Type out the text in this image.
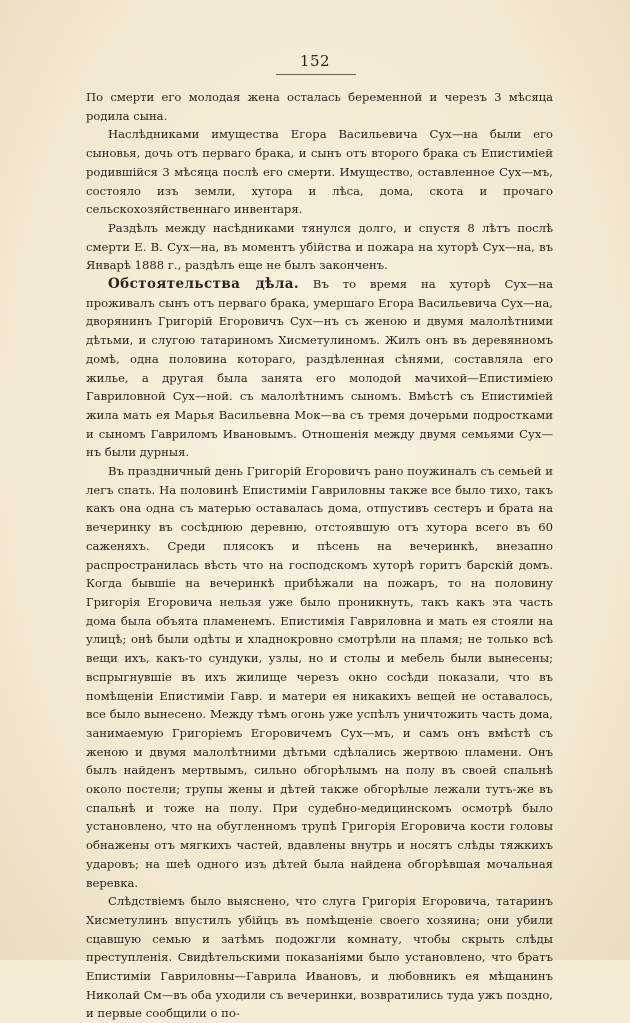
152

По смерти его молодая жена осталась беременной и черезъ 3 мѣсяца родила сына.

Наслѣдниками имущества Егора Васильевича Сух—на были его сыновья, дочь отъ перваго брака, и сынъ отъ второго брака съ Епистиміей родившійся 3 мѣсяца послѣ его смерти. Имущество, оставленное Сух—мъ, состояло изъ земли, хутора и лѣса, дома, скота и прочаго сельскохозяйственнаго инвентаря.

Раздѣлъ между насѣдниками тянулся долго, и спустя 8 лѣтъ послѣ смерти Е. В. Сух—на, въ моментъ убійства и пожара на хуторѣ Сух—на, въ Январѣ 1888 г., раздѣлъ еще не былъ законченъ.

Обстоятельства дѣла. Въ то время на хуторѣ Сух—на проживалъ сынъ отъ перваго брака, умершаго Егора Васильевича Сух—на, дворянинъ Григорій Егоровичъ Сух—нъ съ женою и двумя малолѣтними дѣтьми, и слугою татариномъ Хисметулиномъ. Жилъ онъ въ деревянномъ домѣ, одна половина котораго, раздѣленная сѣнями, составляла его жилье, а другая была занята его молодой мачихой—Епистиміею Гавриловной Сух—ной. съ малолѣтнимъ сыномъ. Вмѣстѣ съ Епистиміей жила мать ея Марья Васильевна Мок—ва съ тремя дочерьми подростками и сыномъ Гавриломъ Ивановымъ. Отношенія между двумя семьями Сух—нъ были дурныя.

Въ праздничный день Григорій Егоровичъ рано поужиналъ съ семьей и легъ спать. На половинѣ Епистиміи Гавриловны также все было тихо, такъ какъ она одна съ матерью оставалась дома, отпустивъ сестеръ и брата на вечеринку въ сосѣднюю деревню, отстоявшую отъ хутора всего въ 60 саженяхъ. Среди плясокъ и пѣсень на вечеринкѣ, внезапно распространилась вѣсть что на господскомъ хуторѣ горитъ барскій домъ. Когда бывшіе на вечеринкѣ прибѣжали на пожаръ, то на половину Григорія Егоровича нельзя уже было проникнуть, такъ какъ эта часть дома была объята пламенемъ. Епистимія Гавриловна и мать ея стояли на улицѣ; онѣ были одѣты и хладнокровно смотрѣли на пламя; не только всѣ вещи ихъ, какъ-то сундуки, узлы, но и столы и мебель были вынесены; вспрыгнувшіе въ ихъ жилище черезъ окно сосѣди показали, что въ помѣщеніи Епистиміи Гавр. и матери ея никакихъ вещей не оставалось, все было вынесено. Между тѣмъ огонь уже успѣлъ уничтожить часть дома, занимаемую Григоріемъ Егоровичемъ Сух—мъ, и самъ онъ вмѣстѣ съ женою и двумя малолѣтними дѣтьми сдѣлались жертвою пламени. Онъ былъ найденъ мертвымъ, сильно обгорѣлымъ на полу въ своей спальнѣ около постели; трупы жены и дѣтей также обгорѣлые лежали тутъ-же въ спальнѣ и тоже на полу. При судебно-медицинскомъ осмотрѣ было установлено, что на обугленномъ трупѣ Григорія Егоровича кости головы обнажены отъ мягкихъ частей, вдавлены внутрь и носятъ слѣды тяжкихъ ударовъ; на шеѣ одного изъ дѣтей была найдена обгорѣвшая мочальная веревка.

Слѣдствіемъ было выяснено, что слуга Григорія Егоровича, татаринъ Хисметулинъ впустилъ убійцъ въ помѣщеніе своего хозяина; они убили сцавшую семью и затѣмъ подожгли комнату, чтобы скрыть слѣды преступленія. Свидѣтельскими показаніями было установлено, что братъ Епистиміи Гавриловны—Гаврила Ивановъ, и любовникъ ея мѣщанинъ Николай См—въ оба уходили съ вечеринки, возвратились туда ужъ поздно, и первые сообщили о по-
